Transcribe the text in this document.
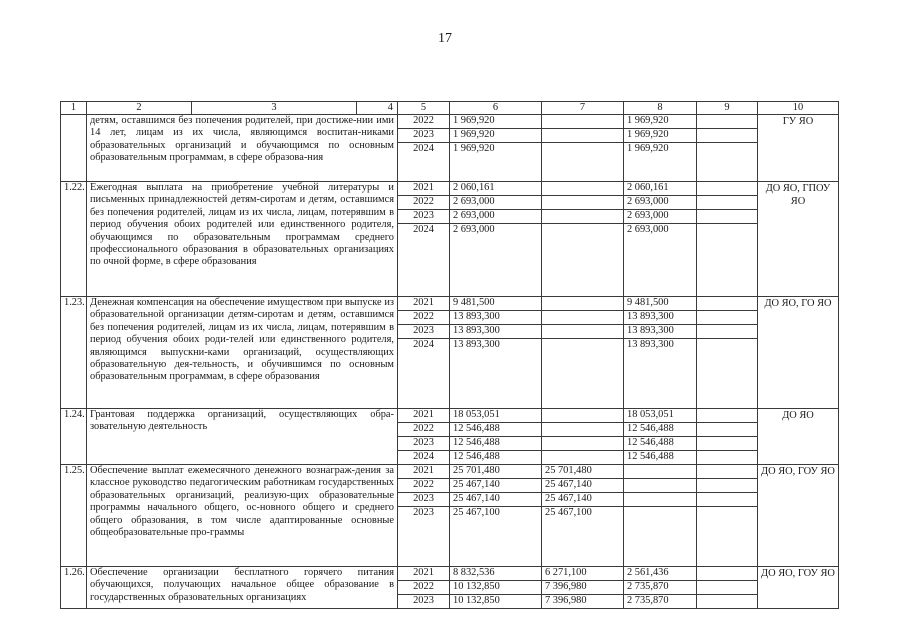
17
1	2	3	4	5	6	7	8	9	10
	детям, оставшимся без попечения родителей, при достиже-нии ими 14 лет, лицам из их числа, являющимся воспитан-никами образовательных организаций и обучающимся по основным образовательным программам, в сфере образова-ния			2022	1 969,920		1 969,920		ГУ ЯО
				2023	1 969,920		1 969,920		
				2024	1 969,920		1 969,920		
1.22.	Ежегодная выплата на приобретение учебной литературы и письменных принадлежностей детям-сиротам и детям, оставшимся без попечения родителей, лицам из их числа, лицам, потерявшим в период обучения обоих родителей или единственного родителя, обучающимся по образовательным программам среднего профессионального образования в образовательных организациях по очной форме, в сфере образования			2021	2 060,161		2 060,161		ДО ЯО, ГПОУ ЯО
				2022	2 693,000		2 693,000		
				2023	2 693,000		2 693,000		
				2024	2 693,000		2 693,000		
1.23.	Денежная компенсация на обеспечение имуществом при выпуске из образовательной организации детям-сиротам и детям, оставшимся без попечения родителей, лицам из их числа, лицам, потерявшим в период обучения обоих роди-телей или единственного родителя, являющимся выпускни-ками организаций, осуществляющих образовательную дея-тельность, и обучившимся по основным образовательным программам, в сфере образования			2021	9 481,500		9 481,500		ДО ЯО, ГО ЯО
				2022	13 893,300		13 893,300		
				2023	13 893,300		13 893,300		
				2024	13 893,300		13 893,300		
1.24.	Грантовая поддержка организаций, осуществляющих обра-зовательную деятельность			2021	18 053,051		18 053,051		ДО ЯО
				2022	12 546,488		12 546,488		
				2023	12 546,488		12 546,488		
				2024	12 546,488		12 546,488		
1.25.	Обеспечение выплат ежемесячного денежного вознаграж-дения за классное руководство педагогическим работникам государственных образовательных организаций, реализую-щих образовательные программы начального общего, ос-новного общего и среднего общего образования, в том числе адаптированные основные общеобразовательные про-граммы			2021	25 701,480	25 701,480			ДО ЯО, ГОУ ЯО
				2022	25 467,140	25 467,140			
				2023	25 467,140	25 467,140			
				2023	25 467,100	25 467,100			
1.26.	Обеспечение организации бесплатного горячего питания обучающихся, получающих начальное общее образование в государственных образовательных организациях			2021	8 832,536	6 271,100	2 561,436		ДО ЯО, ГОУ ЯО
				2022	10 132,850	7 396,980	2 735,870		
				2023	10 132,850	7 396,980	2 735,870		
